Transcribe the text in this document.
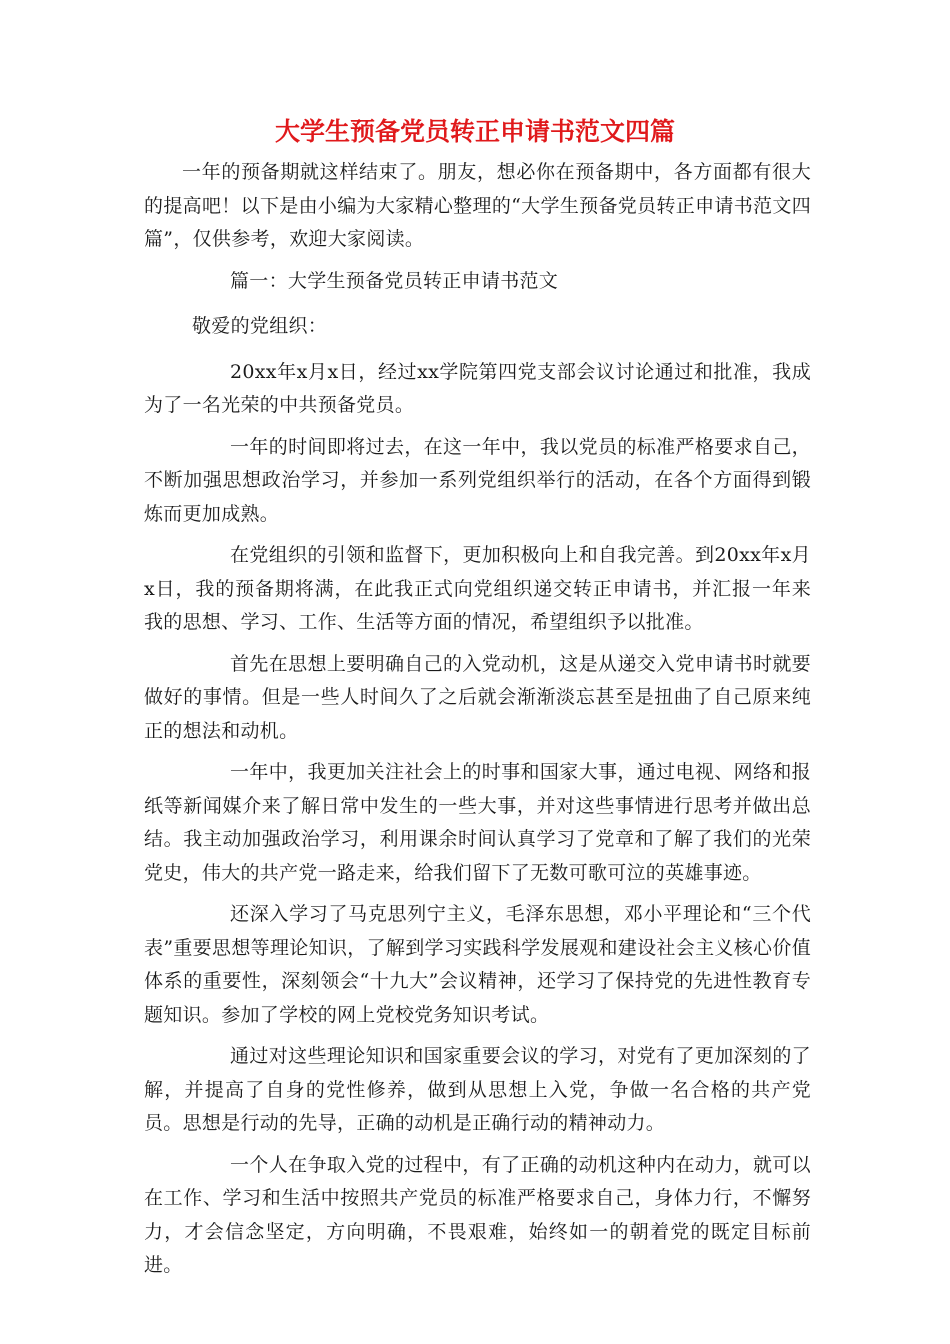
大学生预备党员转正申请书范文四篇

一年的预备期就这样结束了。朋友，想必你在预备期中，各方面都有很大的提高吧！以下是由小编为大家精心整理的“大学生预备党员转正申请书范文四篇”，仅供参考，欢迎大家阅读。

篇一：大学生预备党员转正申请书范文

敬爱的党组织：

20xx年x月x日，经过xx学院第四党支部会议讨论通过和批准，我成为了一名光荣的中共预备党员。

一年的时间即将过去，在这一年中，我以党员的标准严格要求自己，不断加强思想政治学习，并参加一系列党组织举行的活动，在各个方面得到锻炼而更加成熟。

在党组织的引领和监督下，更加积极向上和自我完善。到20xx年x月x日，我的预备期将满，在此我正式向党组织递交转正申请书，并汇报一年来我的思想、学习、工作、生活等方面的情况，希望组织予以批准。

首先在思想上要明确自己的入党动机，这是从递交入党申请书时就要做好的事情。但是一些人时间久了之后就会渐渐淡忘甚至是扭曲了自己原来纯正的想法和动机。

一年中，我更加关注社会上的时事和国家大事，通过电视、网络和报纸等新闻媒介来了解日常中发生的一些大事，并对这些事情进行思考并做出总结。我主动加强政治学习，利用课余时间认真学习了党章和了解了我们的光荣党史，伟大的共产党一路走来，给我们留下了无数可歌可泣的英雄事迹。

还深入学习了马克思列宁主义，毛泽东思想，邓小平理论和“三个代表”重要思想等理论知识，了解到学习实践科学发展观和建设社会主义核心价值体系的重要性，深刻领会“十九大”会议精神，还学习了保持党的先进性教育专题知识。参加了学校的网上党校党务知识考试。

通过对这些理论知识和国家重要会议的学习，对党有了更加深刻的了解，并提高了自身的党性修养，做到从思想上入党，争做一名合格的共产党员。思想是行动的先导，正确的动机是正确行动的精神动力。

一个人在争取入党的过程中，有了正确的动机这种内在动力，就可以在工作、学习和生活中按照共产党员的标准严格要求自己，身体力行，不懈努力，才会信念坚定，方向明确，不畏艰难，始终如一的朝着党的既定目标前进。
